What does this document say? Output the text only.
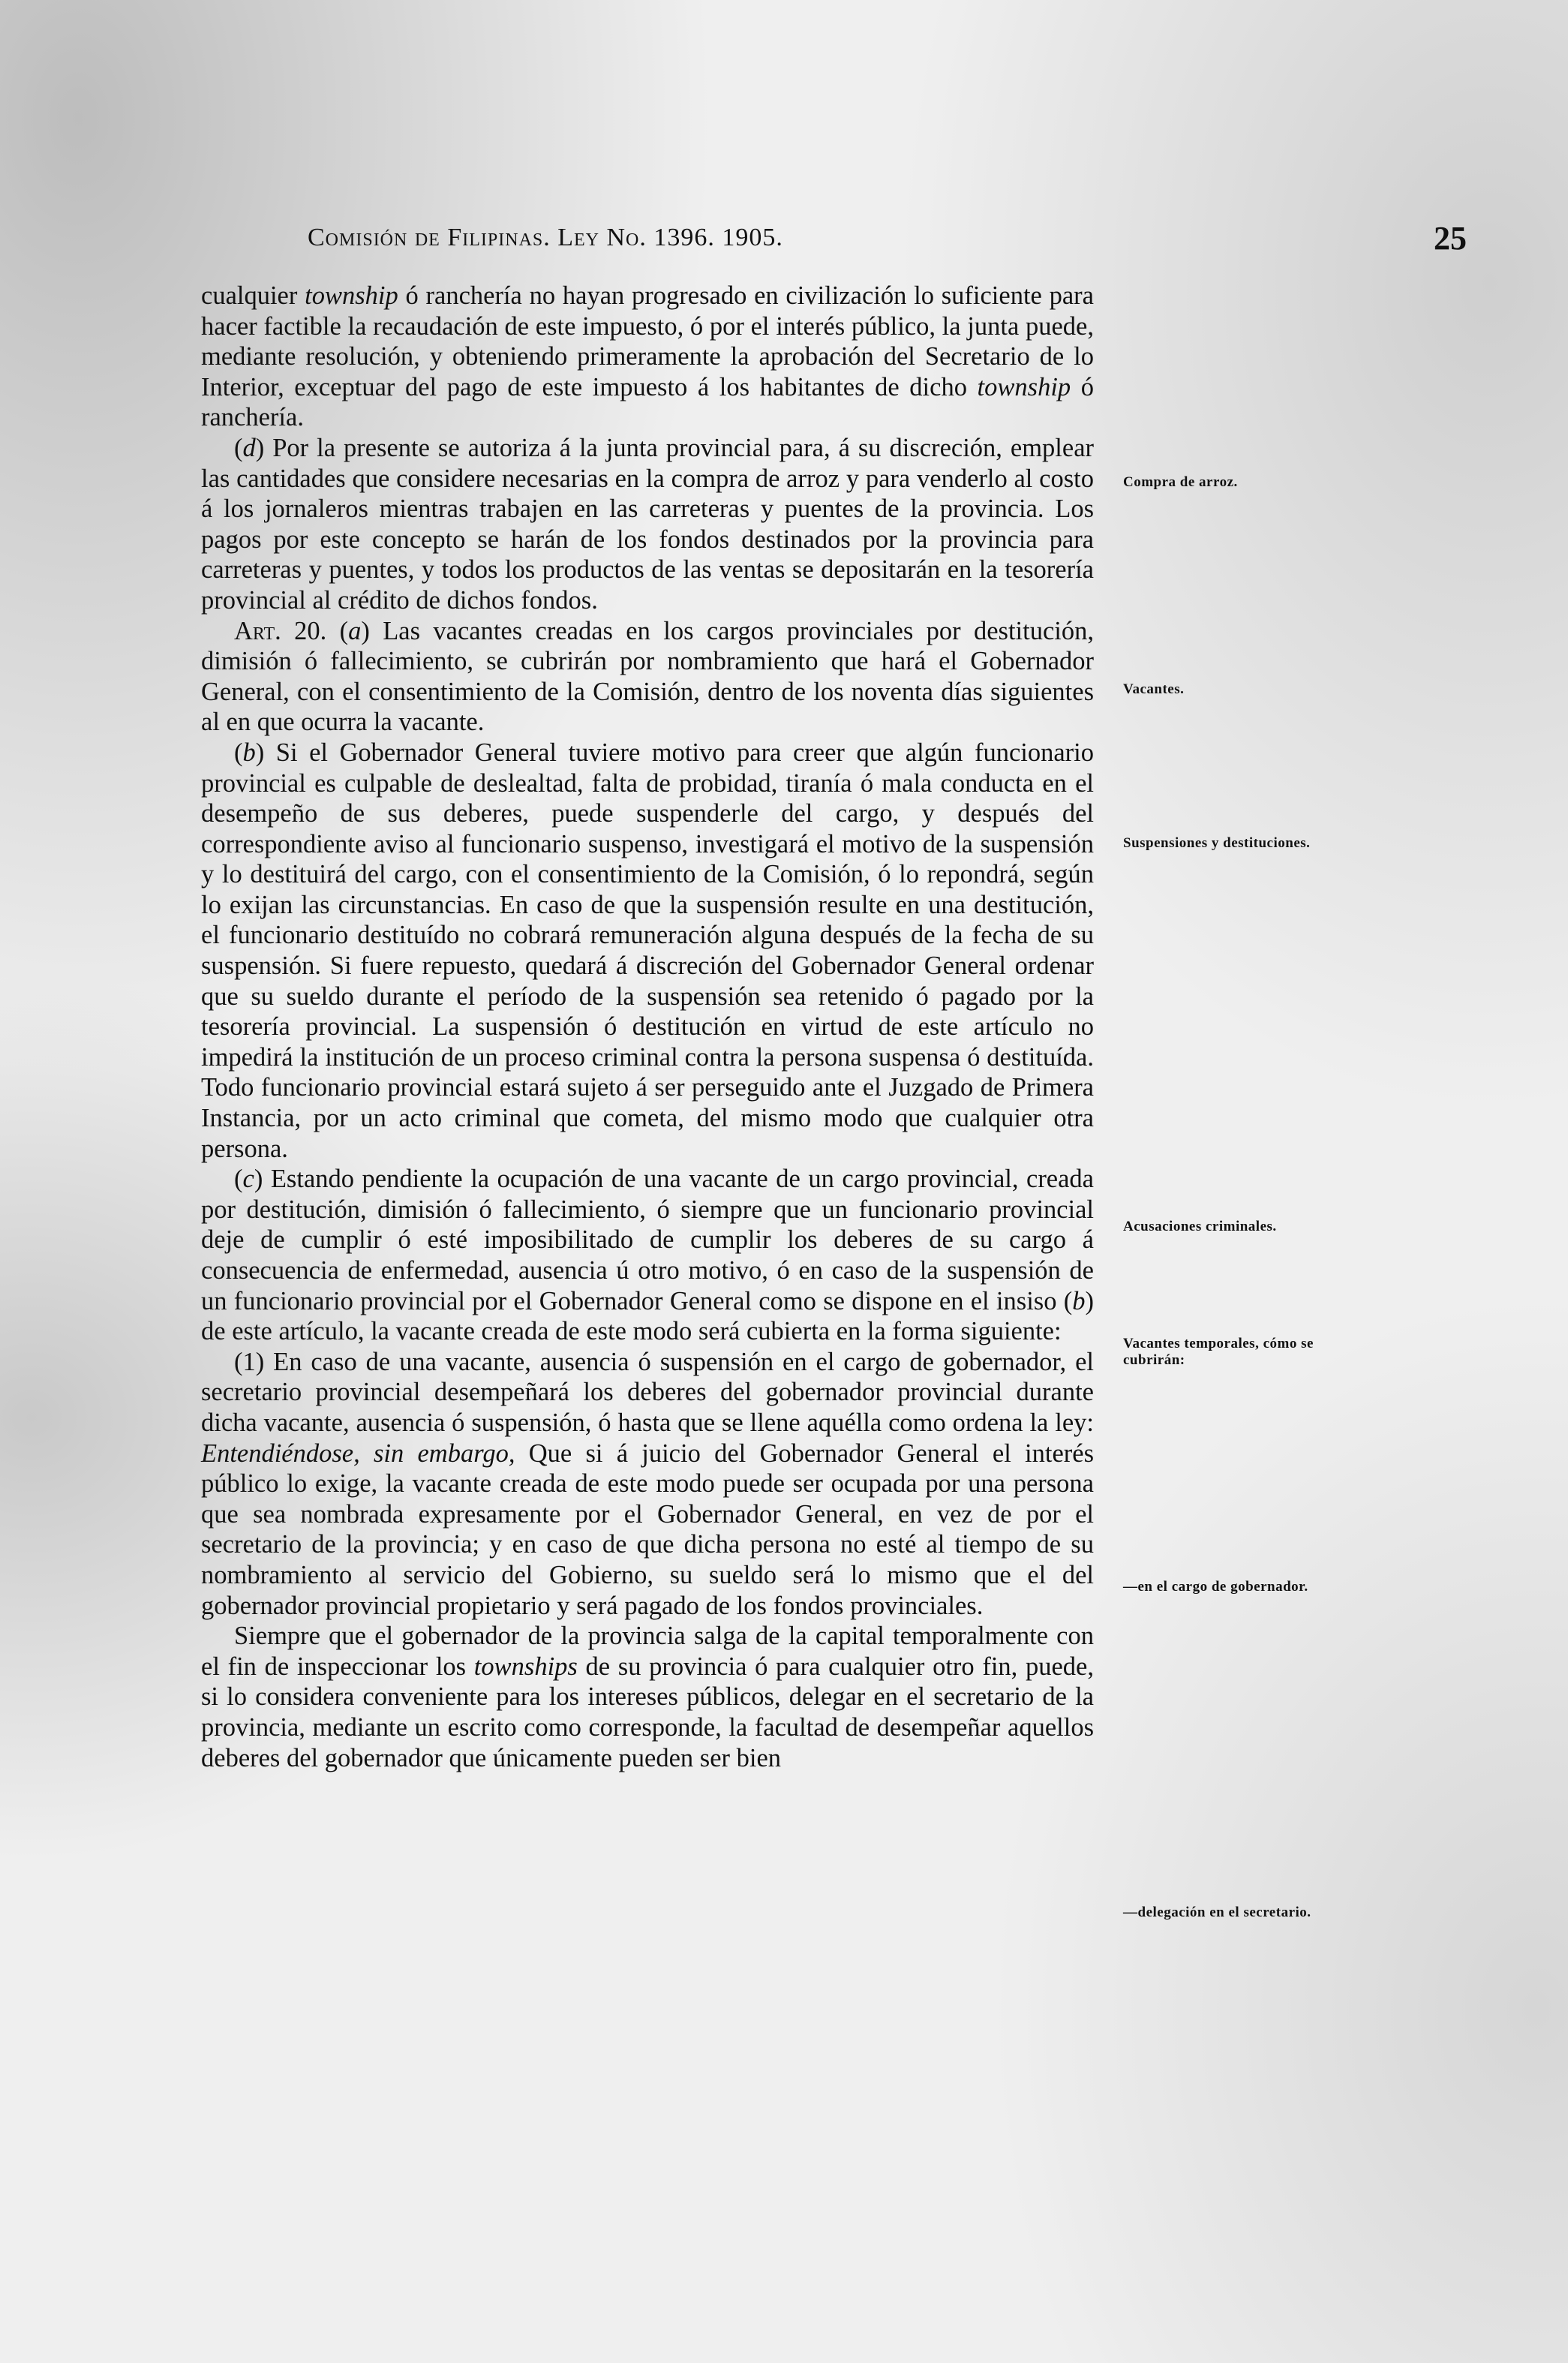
Comisión de Filipinas. Ley No. 1396. 1905.	25

cualquier township ó ranchería no hayan progresado en civilización lo suficiente para hacer factible la recaudación de este impuesto, ó por el interés público, la junta puede, mediante resolución, y obteniendo primeramente la aprobación del Secretario de lo Interior, exceptuar del pago de este impuesto á los habitantes de dicho township ó ranchería.

(d) Por la presente se autoriza á la junta provincial para, á su discreción, emplear las cantidades que considere necesarias en la compra de arroz y para venderlo al costo á los jornaleros mientras trabajen en las carreteras y puentes de la provincia. Los pagos por este concepto se harán de los fondos destinados por la provincia para carreteras y puentes, y todos los productos de las ventas se depositarán en la tesorería provincial al crédito de dichos fondos.

Art. 20. (a) Las vacantes creadas en los cargos provinciales por destitución, dimisión ó fallecimiento, se cubrirán por nombramiento que hará el Gobernador General, con el consentimiento de la Comisión, dentro de los noventa días siguientes al en que ocurra la vacante.

(b) Si el Gobernador General tuviere motivo para creer que algún funcionario provincial es culpable de deslealtad, falta de probidad, tiranía ó mala conducta en el desempeño de sus deberes, puede suspenderle del cargo, y después del correspondiente aviso al funcionario suspenso, investigará el motivo de la suspensión y lo destituirá del cargo, con el consentimiento de la Comisión, ó lo repondrá, según lo exijan las circunstancias. En caso de que la suspensión resulte en una destitución, el funcionario destituído no cobrará remuneración alguna después de la fecha de su suspensión. Si fuere repuesto, quedará á discreción del Gobernador General ordenar que su sueldo durante el período de la suspensión sea retenido ó pagado por la tesorería provincial. La suspensión ó destitución en virtud de este artículo no impedirá la institución de un proceso criminal contra la persona suspensa ó destituída. Todo funcionario provincial estará sujeto á ser perseguido ante el Juzgado de Primera Instancia, por un acto criminal que cometa, del mismo modo que cualquier otra persona.

(c) Estando pendiente la ocupación de una vacante de un cargo provincial, creada por destitución, dimisión ó fallecimiento, ó siempre que un funcionario provincial deje de cumplir ó esté imposibilitado de cumplir los deberes de su cargo á consecuencia de enfermedad, ausencia ú otro motivo, ó en caso de la suspensión de un funcionario provincial por el Gobernador General como se dispone en el insiso (b) de este artículo, la vacante creada de este modo será cubierta en la forma siguiente:

(1) En caso de una vacante, ausencia ó suspensión en el cargo de gobernador, el secretario provincial desempeñará los deberes del gobernador provincial durante dicha vacante, ausencia ó suspensión, ó hasta que se llene aquélla como ordena la ley: Entendiéndose, sin embargo, Que si á juicio del Gobernador General el interés público lo exige, la vacante creada de este modo puede ser ocupada por una persona que sea nombrada expresamente por el Gobernador General, en vez de por el secretario de la provincia; y en caso de que dicha persona no esté al tiempo de su nombramiento al servicio del Gobierno, su sueldo será lo mismo que el del gobernador provincial propietario y será pagado de los fondos provinciales.

Siempre que el gobernador de la provincia salga de la capital temporalmente con el fin de inspeccionar los townships de su provincia ó para cualquier otro fin, puede, si lo considera conveniente para los intereses públicos, delegar en el secretario de la provincia, mediante un escrito como corresponde, la facultad de desempeñar aquellos deberes del gobernador que únicamente pueden ser bien

Compra de arroz.
Vacantes.
Suspensiones y destituciones.
Acusaciones criminales.
Vacantes temporales, cómo se cubrirán:
—en el cargo de gobernador.
—delegación en el secretario.
